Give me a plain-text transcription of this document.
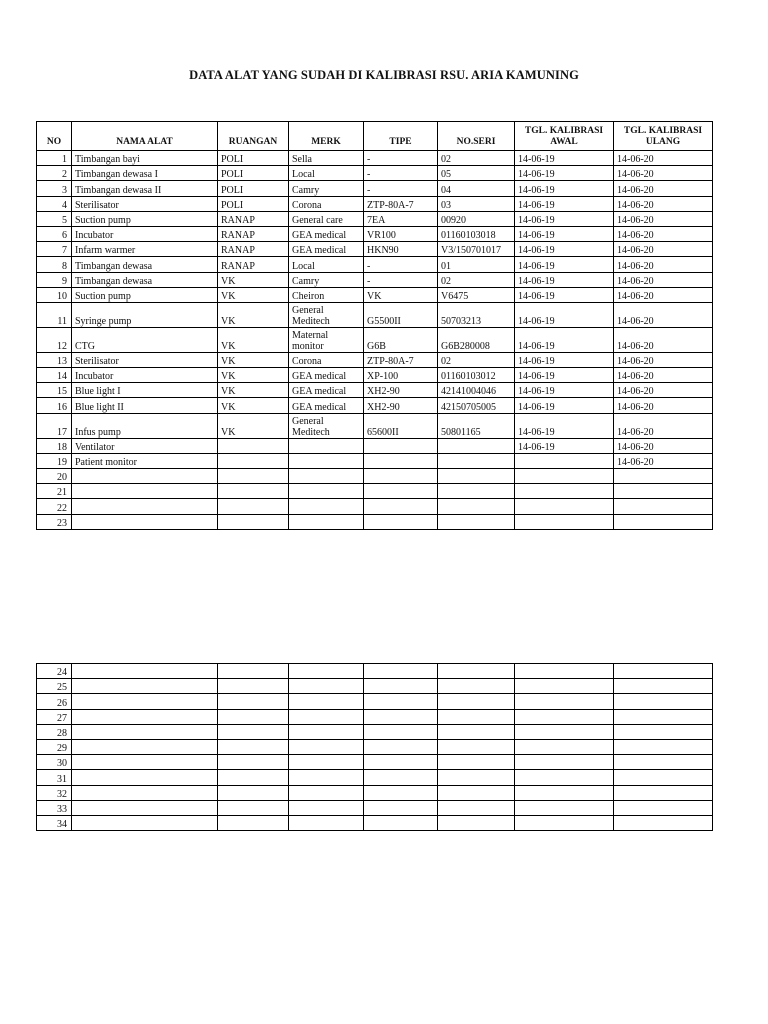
DATA ALAT YANG SUDAH DI KALIBRASI RSU. ARIA KAMUNING
NO	NAMA ALAT	RUANGAN	MERK	TIPE	NO.SERI	TGL. KALIBRASI AWAL	TGL. KALIBRASI ULANG
1	Timbangan bayi	POLI	Sella	-	02	14-06-19	14-06-20
2	Timbangan dewasa I	POLI	Local	-	05	14-06-19	14-06-20
3	Timbangan dewasa II	POLI	Camry	-	04	14-06-19	14-06-20
4	Sterilisator	POLI	Corona	ZTP-80A-7	03	14-06-19	14-06-20
5	Suction pump	RANAP	General care	7EA	00920	14-06-19	14-06-20
6	Incubator	RANAP	GEA medical	VR100	01160103018	14-06-19	14-06-20
7	Infarm warmer	RANAP	GEA medical	HKN90	V3/150701017	14-06-19	14-06-20
8	Timbangan dewasa	RANAP	Local	-	01	14-06-19	14-06-20
9	Timbangan dewasa	VK	Camry	-	02	14-06-19	14-06-20
10	Suction pump	VK	Cheiron	VK	V6475	14-06-19	14-06-20
11	Syringe pump	VK	General Meditech	G5500II	50703213	14-06-19	14-06-20
12	CTG	VK	Maternal monitor	G6B	G6B280008	14-06-19	14-06-20
13	Sterilisator	VK	Corona	ZTP-80A-7	02	14-06-19	14-06-20
14	Incubator	VK	GEA medical	XP-100	01160103012	14-06-19	14-06-20
15	Blue light I	VK	GEA medical	XH2-90	42141004046	14-06-19	14-06-20
16	Blue light II	VK	GEA medical	XH2-90	42150705005	14-06-19	14-06-20
17	Infus pump	VK	General Meditech	65600II	50801165	14-06-19	14-06-20
18	Ventilator					14-06-19	14-06-20
19	Patient monitor						14-06-20
20							
21							
22							
23							
24							
25							
26							
27							
28							
29							
30							
31							
32							
33							
34							
